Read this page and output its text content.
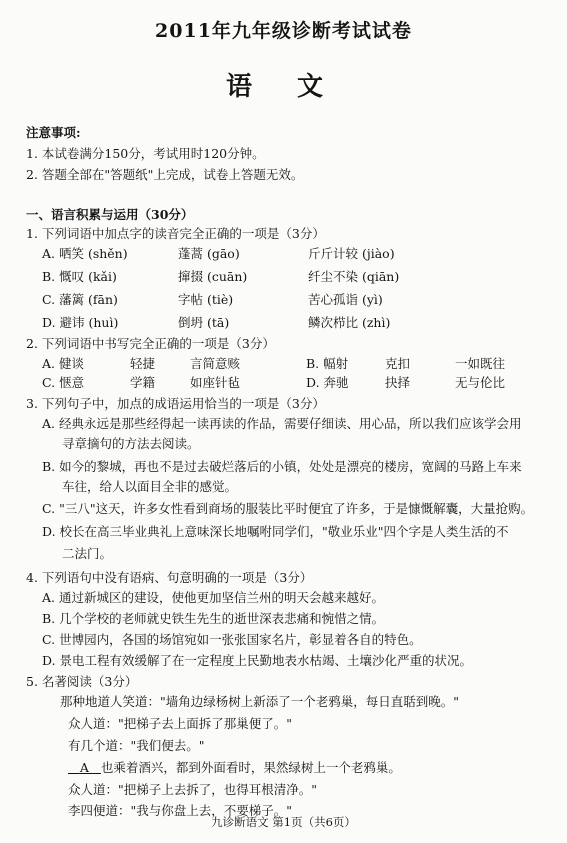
2011年九年级诊断考试试卷
语 文
注意事项:
1. 本试卷满分150分，考试用时120分钟。
2. 答题全部在"答题纸"上完成，试卷上答题无效。
一、语言积累与运用（30分）
1. 下列词语中加点字的读音完全正确的一项是（3分）
A. 哂笑 (shěn)	蓬蒿 (gāo)	斤斤计较 (jiào)
B. 慨叹 (kǎi)	撺掇 (cuān)	纤尘不染 (qiān)
C. 藩篱 (fān)	字帖 (tiè)	苦心孤诣 (yì)
D. 避讳 (huì)	倒坍 (tā)	鳞次栉比 (zhì)
2. 下列词语中书写完全正确的一项是（3分）
A. 健谈	轻捷	言简意赅	B. 幅射	克扣	一如既往
C. 惬意	学籍	如座针毡	D. 奔驰	抉择	无与伦比
3. 下列句子中，加点的成语运用恰当的一项是（3分）
A. 经典永远是那些经得起一读再读的作品，需要仔细读、用心品，所以我们应该学会用
寻章摘句的方法去阅读。
B. 如今的黎城，再也不是过去破烂落后的小镇，处处是漂亮的楼房，宽阔的马路上车来
车往，给人以面目全非的感觉。
C. "三八"这天，许多女性看到商场的服装比平时便宜了许多，于是慷慨解囊，大量抢购。
D. 校长在高三毕业典礼上意味深长地嘱咐同学们，"敬业乐业"四个字是人类生活的不
二法门。
4. 下列语句中没有语病、句意明确的一项是（3分）
A. 通过新城区的建设，使他更加坚信兰州的明天会越来越好。
B. 几个学校的老师就史铁生先生的逝世深表悲痛和惋惜之情。
C. 世博园内，各国的场馆宛如一张张国家名片，彰显着各自的特色。
D. 景电工程有效缓解了在一定程度上民勤地表水枯竭、土壤沙化严重的状况。
5. 名著阅读（3分）
那种地道人笑道："墙角边绿杨树上新添了一个老鸦巢，每日直聒到晚。"
众人道："把梯子去上面拆了那巢便了。"
有几个道："我们便去。"
A 也乘着酒兴，都到外面看时，果然绿树上一个老鸦巢。
众人道："把梯子上去拆了，也得耳根清净。"
李四便道："我与你盘上去，不要梯子。"
九诊断语文 第1页（共6页）
